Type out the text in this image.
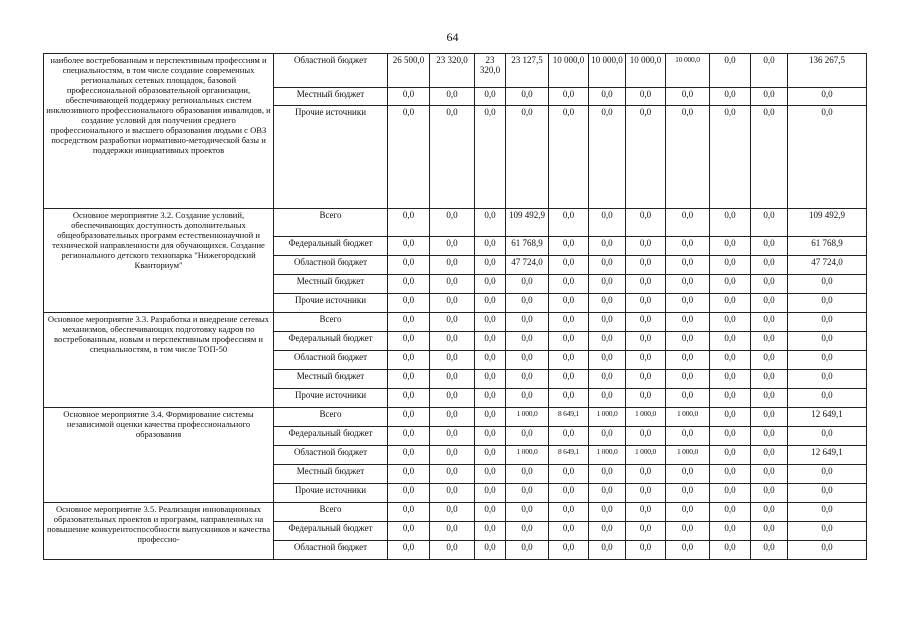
64
наиболее востребованным и перспективным профессиям и специальностям, в том числе создание современных региональных сетевых площадок, базовой профессиональной образовательной организации, обеспечивающей поддержку региональных систем инклюзивного профессионального образования инвалидов, и создание условий для получения среднего профессионального и высшего образования людьми с ОВЗ посредством разработки нормативно-методической базы и поддержки инициативных проектов	Областной бюджет	26 500,0	23 320,0	23 320,0	23 127,5	10 000,0	10 000,0	10 000,0	10 000,0	0,0	0,0	136 267,5
	Местный бюджет	0,0	0,0	0,0	0,0	0,0	0,0	0,0	0,0	0,0	0,0	0,0
	Прочие источники	0,0	0,0	0,0	0,0	0,0	0,0	0,0	0,0	0,0	0,0	0,0
Основное мероприятие 3.2. Создание условий, обеспечивающих доступность дополнительных общеобразовательных программ естественнонаучной и технической направленности для обучающихся. Создание регионального детского технопарка "Нижегородский Кванториум"	Всего	0,0	0,0	0,0	109 492,9	0,0	0,0	0,0	0,0	0,0	0,0	109 492,9
	Федеральный бюджет	0,0	0,0	0,0	61 768,9	0,0	0,0	0,0	0,0	0,0	0,0	61 768,9
	Областной бюджет	0,0	0,0	0,0	47 724,0	0,0	0,0	0,0	0,0	0,0	0,0	47 724,0
	Местный бюджет	0,0	0,0	0,0	0,0	0,0	0,0	0,0	0,0	0,0	0,0	0,0
	Прочие источники	0,0	0,0	0,0	0,0	0,0	0,0	0,0	0,0	0,0	0,0	0,0
Основное мероприятие 3.3. Разработка и внедрение сетевых механизмов, обеспечивающих подготовку кадров по востребованным, новым и перспективным профессиям и специальностям, в том числе ТОП-50	Всего	0,0	0,0	0,0	0,0	0,0	0,0	0,0	0,0	0,0	0,0	0,0
	Федеральный бюджет	0,0	0,0	0,0	0,0	0,0	0,0	0,0	0,0	0,0	0,0	0,0
	Областной бюджет	0,0	0,0	0,0	0,0	0,0	0,0	0,0	0,0	0,0	0,0	0,0
	Местный бюджет	0,0	0,0	0,0	0,0	0,0	0,0	0,0	0,0	0,0	0,0	0,0
	Прочие источники	0,0	0,0	0,0	0,0	0,0	0,0	0,0	0,0	0,0	0,0	0,0
Основное мероприятие 3.4. Формирование системы независимой оценки качества профессионального образования	Всего	0,0	0,0	0,0	1 000,0	8 649,1	1 000,0	1 000,0	1 000,0	0,0	0,0	12 649,1
	Федеральный бюджет	0,0	0,0	0,0	0,0	0,0	0,0	0,0	0,0	0,0	0,0	0,0
	Областной бюджет	0,0	0,0	0,0	1 000,0	8 649,1	1 000,0	1 000,0	1 000,0	0,0	0,0	12 649,1
	Местный бюджет	0,0	0,0	0,0	0,0	0,0	0,0	0,0	0,0	0,0	0,0	0,0
	Прочие источники	0,0	0,0	0,0	0,0	0,0	0,0	0,0	0,0	0,0	0,0	0,0
Основное мероприятие 3.5. Реализация инновационных образовательных проектов и программ, направленных на повышение конкурентоспособности выпускников и качества профессио-	Всего	0,0	0,0	0,0	0,0	0,0	0,0	0,0	0,0	0,0	0,0	0,0
	Федеральный бюджет	0,0	0,0	0,0	0,0	0,0	0,0	0,0	0,0	0,0	0,0	0,0
	Областной бюджет	0,0	0,0	0,0	0,0	0,0	0,0	0,0	0,0	0,0	0,0	0,0
